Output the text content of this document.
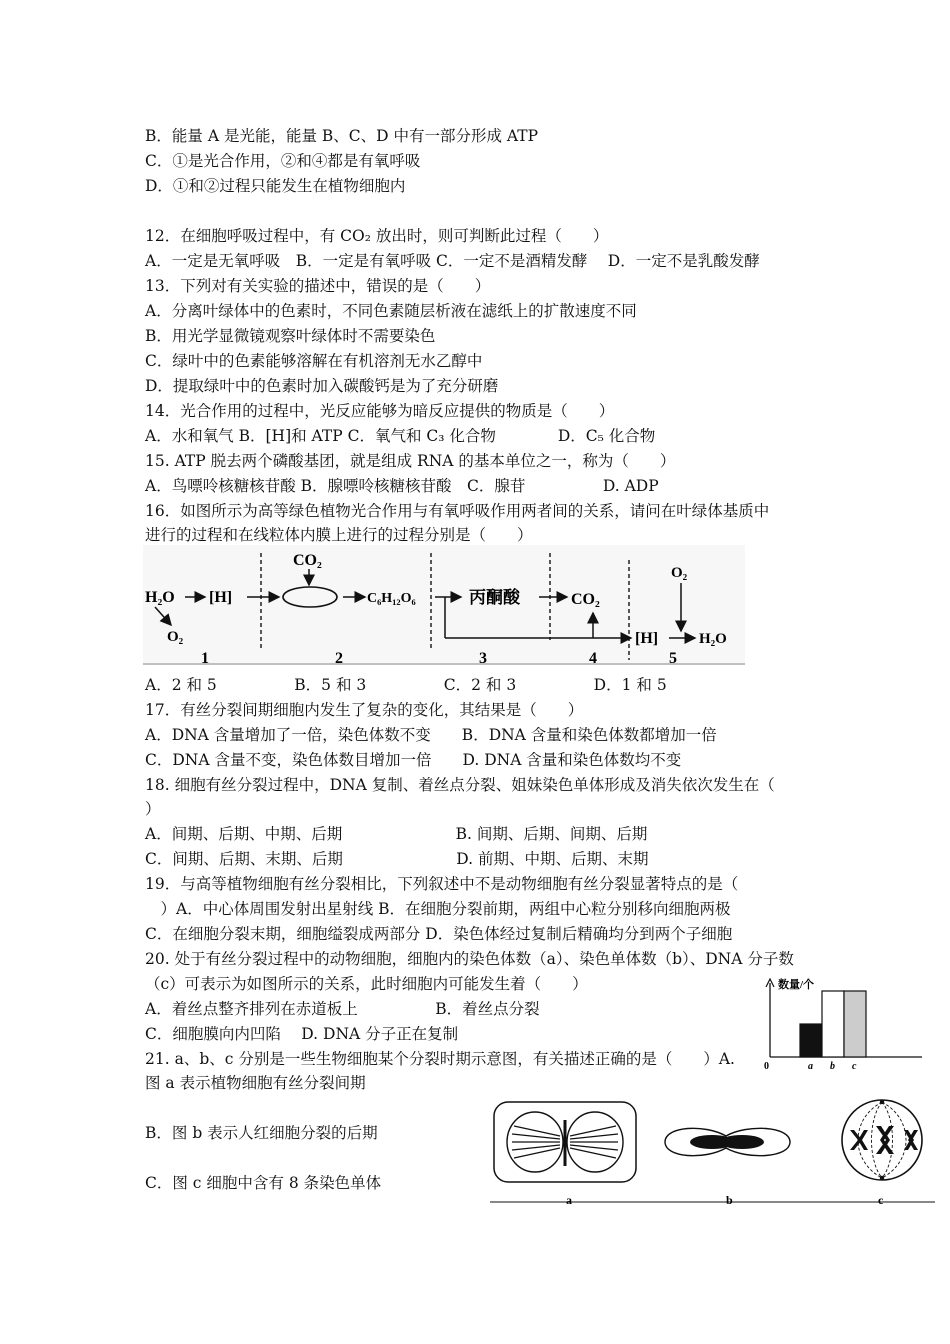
B．能量 A 是光能，能量 B、C、D 中有一部分形成 ATP
C．①是光合作用，②和④都是有氧呼吸
D．①和②过程只能发生在植物细胞内
12．在细胞呼吸过程中，有 CO₂ 放出时，则可判断此过程（　　）
A．一定是无氧呼吸　B．一定是有氧呼吸 C．一定不是酒精发酵　 D．一定不是乳酸发酵
13．下列对有关实验的描述中，错误的是（　　）
A．分离叶绿体中的色素时，不同色素随层析液在滤纸上的扩散速度不同
B．用光学显微镜观察叶绿体时不需要染色
C．绿叶中的色素能够溶解在有机溶剂无水乙醇中
D．提取绿叶中的色素时加入碳酸钙是为了充分研磨
14．光合作用的过程中，光反应能够为暗反应提供的物质是（　　）
A．水和氧气 B．[H]和 ATP C．氧气和 C₃ 化合物　　　　D．C₅ 化合物
15. ATP 脱去两个磷酸基团，就是组成 RNA 的基本单位之一，称为（　　）
A．鸟嘌呤核糖核苷酸 B．腺嘌呤核糖核苷酸　C．腺苷　　　　　D. ADP
16．如图所示为高等绿色植物光合作用与有氧呼吸作用两者间的关系，请问在叶绿体基质中
进行的过程和在线粒体内膜上进行的过程分别是（　　）
H₂O [H]
O₂
CO₂
C₆H₁₂O₆	丙酮酸	CO₂
O₂
[H]	H₂O
1	2	3	4	5
A．2 和 5　　　　　B．5 和 3　　　　　C．2 和 3　　　　　D．1 和 5
17．有丝分裂间期细胞内发生了复杂的变化，其结果是（　　）
A．DNA 含量增加了一倍，染色体数不变　　B．DNA 含量和染色体数都增加一倍
C．DNA 含量不变，染色体数目增加一倍　　D. DNA 含量和染色体数均不变
18. 细胞有丝分裂过程中，DNA 复制、着丝点分裂、姐妹染色单体形成及消失依次发生在（
）
A．间期、后期、中期、后期　　　　　　　 B. 间期、后期、间期、后期
C．间期、后期、末期、后期　　　　　　　 D. 前期、中期、后期、末期
19．与高等植物细胞有丝分裂相比，下列叙述中不是动物细胞有丝分裂显著特点的是（
　）A．中心体周围发射出星射线 B．在细胞分裂前期，两组中心粒分别移向细胞两极
C．在细胞分裂末期，细胞缢裂成两部分 D．染色体经过复制后精确均分到两个子细胞
20. 处于有丝分裂过程中的动物细胞，细胞内的染色体数（a）、染色单体数（b）、DNA 分子数
（c）可表示为如图所示的关系，此时细胞内可能发生着（　　）
A．着丝点整齐排列在赤道板上　　　　　B．着丝点分裂
C．细胞膜向内凹陷　 D. DNA 分子正在复制
21. a、b、c 分别是一些生物细胞某个分裂时期示意图，有关描述正确的是（　　）A.
图 a 表示植物细胞有丝分裂间期
B．图 b 表示人红细胞分裂的后期
C．图 c 细胞中含有 8 条染色单体
数量/个
0	a b c
a	b	c
